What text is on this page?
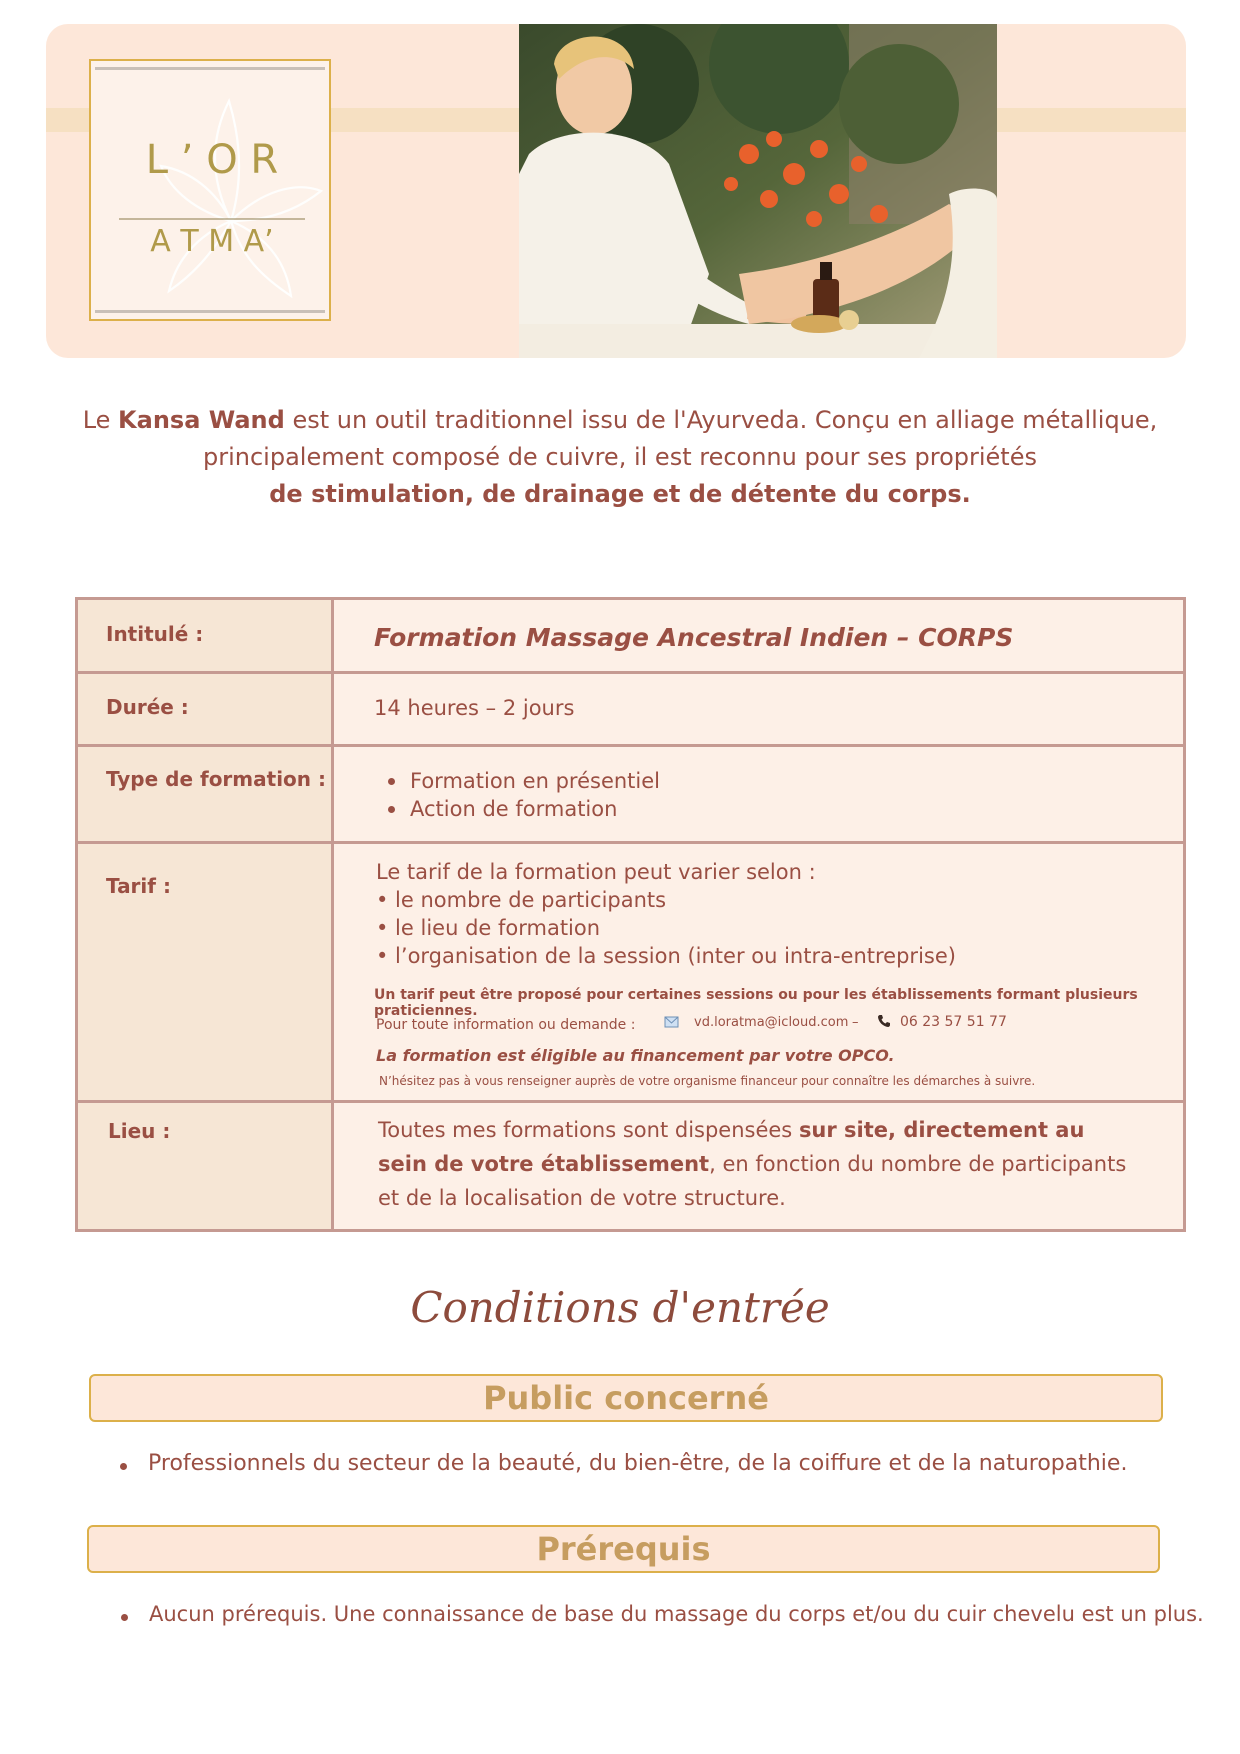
L ’ O R
A T M A’
Le Kansa Wand est un outil traditionnel issu de l'Ayurveda. Conçu en alliage métallique,
principalement composé de cuivre, il est reconnu pour ses propriétés
de stimulation, de drainage et de détente du corps.
Intitulé :	Formation Massage Ancestral Indien – CORPS
Durée :	14 heures – 2 jours
Type de formation :	Formation en présentiel
Action de formation
Tarif :
Le tarif de la formation peut varier selon :
• le nombre de participants
• le lieu de formation
• l’organisation de la session (inter ou intra-entreprise)
Un tarif peut être proposé pour certaines sessions ou pour les établissements formant plusieurs praticiennes.
Pour toute information ou demande :	vd.loratma@icloud.com –	06 23 57 51 77
La formation est éligible au financement par votre OPCO.
N’hésitez pas à vous renseigner auprès de votre organisme financeur pour connaître les démarches à suivre.
Lieu :	Toutes mes formations sont dispensées sur site, directement au sein de votre établissement, en fonction du nombre de participants et de la localisation de votre structure.
Conditions d'entrée
Public concerné
Professionnels du secteur de la beauté, du bien-être, de la coiffure et de la naturopathie.
Prérequis
Aucun prérequis. Une connaissance de base du massage du corps et/ou du cuir chevelu est un plus.
